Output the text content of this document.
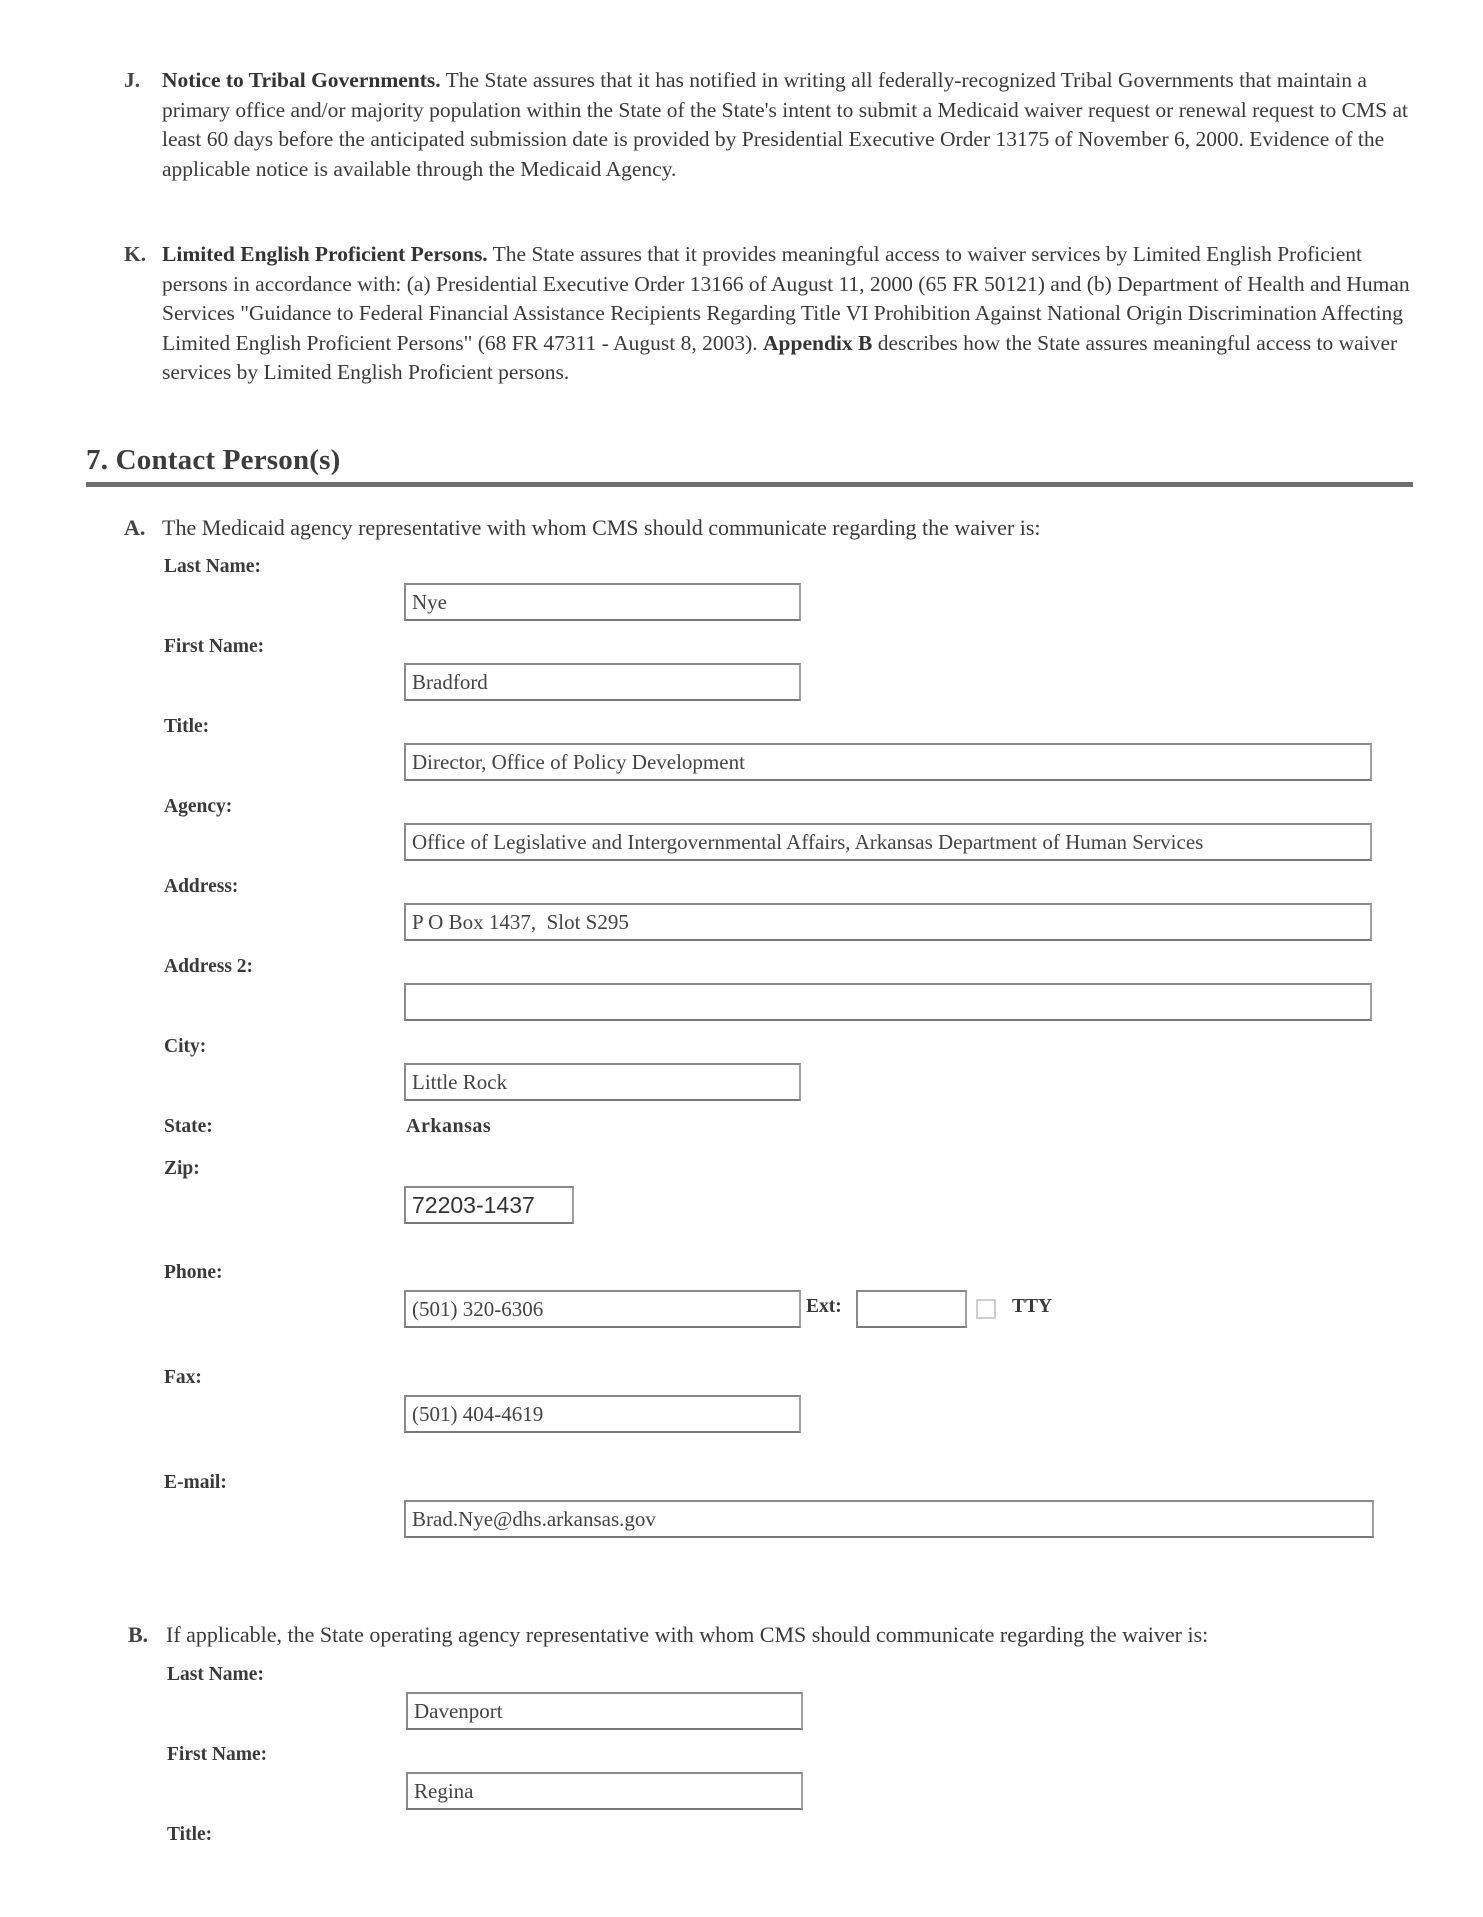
J. Notice to Tribal Governments. The State assures that it has notified in writing all federally-recognized Tribal Governments that maintain a primary office and/or majority population within the State of the State's intent to submit a Medicaid waiver request or renewal request to CMS at least 60 days before the anticipated submission date is provided by Presidential Executive Order 13175 of November 6, 2000. Evidence of the applicable notice is available through the Medicaid Agency.
K. Limited English Proficient Persons. The State assures that it provides meaningful access to waiver services by Limited English Proficient persons in accordance with: (a) Presidential Executive Order 13166 of August 11, 2000 (65 FR 50121) and (b) Department of Health and Human Services "Guidance to Federal Financial Assistance Recipients Regarding Title VI Prohibition Against National Origin Discrimination Affecting Limited English Proficient Persons" (68 FR 47311 - August 8, 2003). Appendix B describes how the State assures meaningful access to waiver services by Limited English Proficient persons.
7. Contact Person(s)
A. The Medicaid agency representative with whom CMS should communicate regarding the waiver is:
Last Name:
Nye
First Name:
Bradford
Title:
Director, Office of Policy Development
Agency:
Office of Legislative and Intergovernmental Affairs, Arkansas Department of Human Services
Address:
P O Box 1437,  Slot S295
Address 2:
City:
Little Rock
State:	Arkansas
Zip:
72203-1437
Phone:
(501) 320-6306	Ext:	TTY
Fax:
(501) 404-4619
E-mail:
Brad.Nye@dhs.arkansas.gov
B. If applicable, the State operating agency representative with whom CMS should communicate regarding the waiver is:
Last Name:
Davenport
First Name:
Regina
Title:
